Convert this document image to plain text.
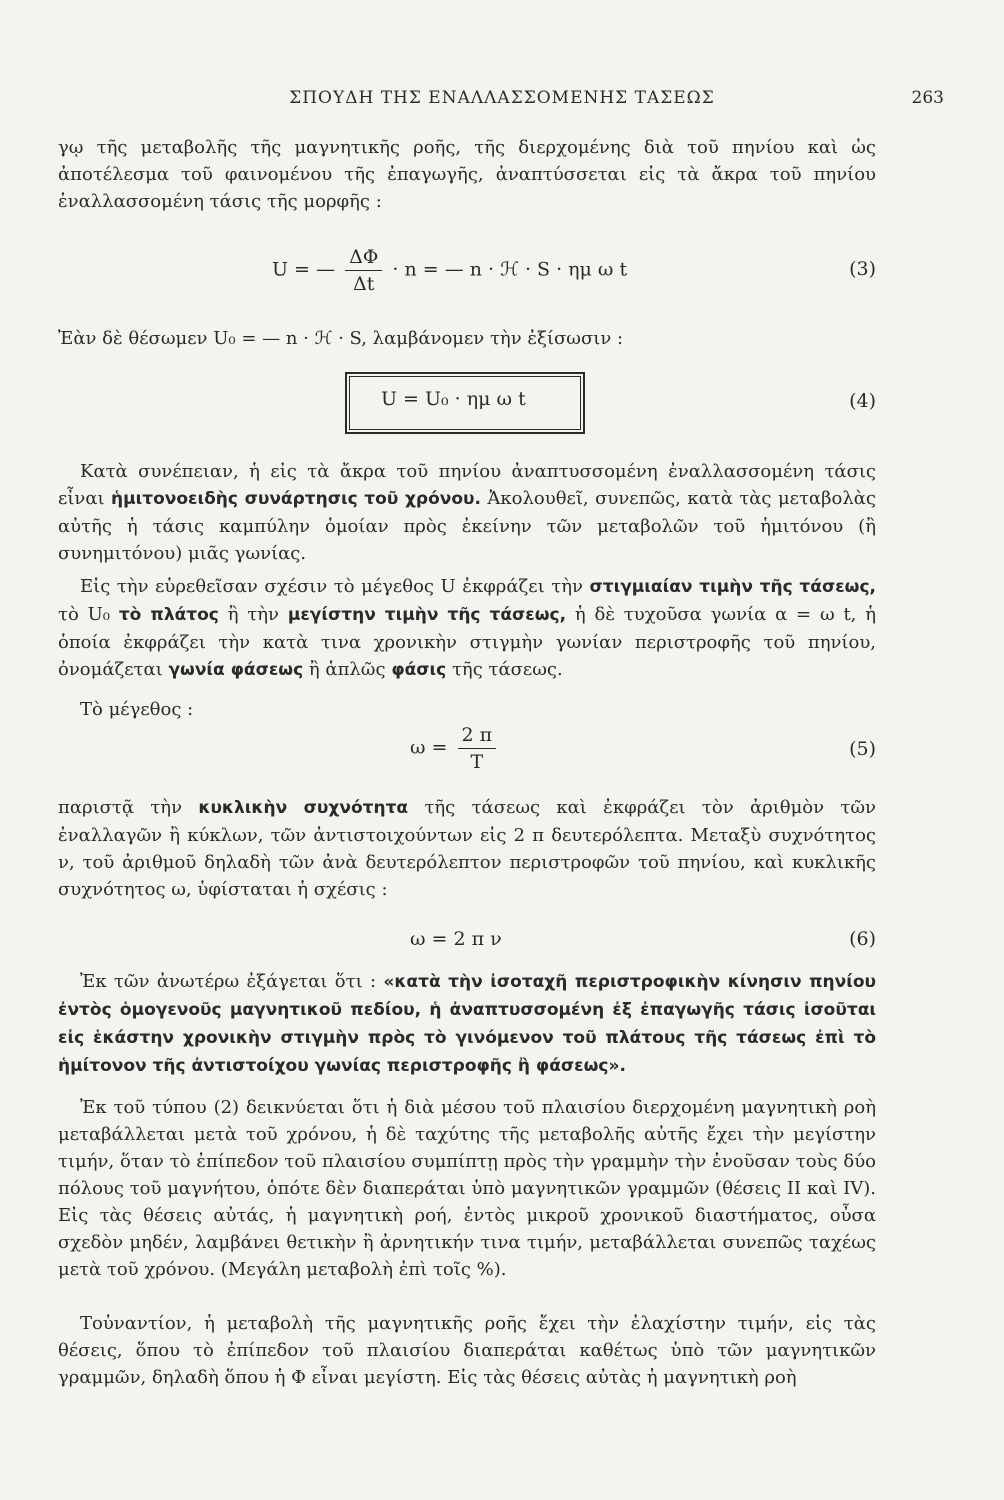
ΣΠΟΥΔΗ ΤΗΣ ΕΝΑΛΛΑΣΣΟΜΕΝΗΣ ΤΑΣΕΩΣ	263

γῳ τῆς μεταβολῆς τῆς μαγνητικῆς ροῆς, τῆς διερχομένης διὰ τοῦ πηνίου καὶ ὡς ἀποτέλεσμα τοῦ φαινομένου τῆς ἐπαγωγῆς, ἀναπτύσσεται εἰς τὰ ἄκρα τοῦ πηνίου ἐναλλασσομένη τάσις τῆς μορφῆς :

U = — $\frac{\Delta\Phi}{\Delta t} \cdot n$ = — n · ℋ · S · ημ ω t	(3)

Ἐὰν δὲ θέσωμεν U₀ = — n · ℋ · S, λαμβάνομεν τὴν ἐξίσωσιν :

U = U₀ · ημ ω t	(4)

Κατὰ συνέπειαν, ἡ εἰς τὰ ἄκρα τοῦ πηνίου ἀναπτυσσομένη ἐναλλασσομένη τάσις εἶναι ἡμιτονοειδὴς συνάρτησις τοῦ χρόνου. Ἀκολουθεῖ, συνεπῶς, κατὰ τὰς μεταβολὰς αὐτῆς ἡ τάσις καμπύλην ὁμοίαν πρὸς ἐκείνην τῶν μεταβολῶν τοῦ ἡμιτόνου (ἢ συνημιτόνου) μιᾶς γωνίας.

Εἰς τὴν εὑρεθεῖσαν σχέσιν τὸ μέγεθος U ἐκφράζει τὴν στιγμιαίαν τιμὴν τῆς τάσεως, τὸ U₀ τὸ πλάτος ἢ τὴν μεγίστην τιμὴν τῆς τάσεως, ἡ δὲ τυχοῦσα γωνία α = ω t, ἡ ὁποία ἐκφράζει τὴν κατὰ τινα χρονικὴν στιγμὴν γωνίαν περιστροφῆς τοῦ πηνίου, ὀνομάζεται γωνία φάσεως ἢ ἁπλῶς φάσις τῆς τάσεως.

Τὸ μέγεθος :

$\omega = \frac{2 \pi}{T}$	(5)

παριστᾷ τὴν κυκλικὴν συχνότητα τῆς τάσεως καὶ ἐκφράζει τὸν ἀριθμὸν τῶν ἐναλλαγῶν ἢ κύκλων, τῶν ἀντιστοιχούντων εἰς 2 π δευτερόλεπτα. Μεταξὺ συχνότητος ν, τοῦ ἀριθμοῦ δηλαδὴ τῶν ἀνὰ δευτερόλεπτον περιστροφῶν τοῦ πηνίου, καὶ κυκλικῆς συχνότητος ω, ὑφίσταται ἡ σχέσις :

ω = 2 π ν	(6)

Ἐκ τῶν ἀνωτέρω ἐξάγεται ὅτι : «κατὰ τὴν ἰσοταχῆ περιστροφικὴν κίνησιν πηνίου ἐντὸς ὁμογενοῦς μαγνητικοῦ πεδίου, ἡ ἀναπτυσσομένη ἐξ ἐπαγωγῆς τάσις ἰσοῦται εἰς ἑκάστην χρονικὴν στιγμὴν πρὸς τὸ γινόμενον τοῦ πλάτους τῆς τάσεως ἐπὶ τὸ ἡμίτονον τῆς ἀντιστοίχου γωνίας περιστροφῆς ἢ φάσεως».

Ἐκ τοῦ τύπου (2) δεικνύεται ὅτι ἡ διὰ μέσου τοῦ πλαισίου διερχομένη μαγνητικὴ ροὴ μεταβάλλεται μετὰ τοῦ χρόνου, ἡ δὲ ταχύτης τῆς μεταβολῆς αὐτῆς ἔχει τὴν μεγίστην τιμήν, ὅταν τὸ ἐπίπεδον τοῦ πλαισίου συμπίπτῃ πρὸς τὴν γραμμὴν τὴν ἑνοῦσαν τοὺς δύο πόλους τοῦ μαγνήτου, ὁπότε δὲν διαπεράται ὑπὸ μαγνητικῶν γραμμῶν (θέσεις II καὶ IV). Εἰς τὰς θέσεις αὐτάς, ἡ μαγνητικὴ ροή, ἐντὸς μικροῦ χρονικοῦ διαστήματος, οὖσα σχεδὸν μηδέν, λαμβάνει θετικὴν ἢ ἀρνητικήν τινα τιμήν, μεταβάλλεται συνεπῶς ταχέως μετὰ τοῦ χρόνου. (Μεγάλη μεταβολὴ ἐπὶ τοῖς %).

Τοὐναντίον, ἡ μεταβολὴ τῆς μαγνητικῆς ροῆς ἔχει τὴν ἐλαχίστην τιμήν, εἰς τὰς θέσεις, ὅπου τὸ ἐπίπεδον τοῦ πλαισίου διαπεράται καθέτως ὑπὸ τῶν μαγνητικῶν γραμμῶν, δηλαδὴ ὅπου ἡ Φ εἶναι μεγίστη. Εἰς τὰς θέσεις αὐτὰς ἡ μαγνητικὴ ροὴ
